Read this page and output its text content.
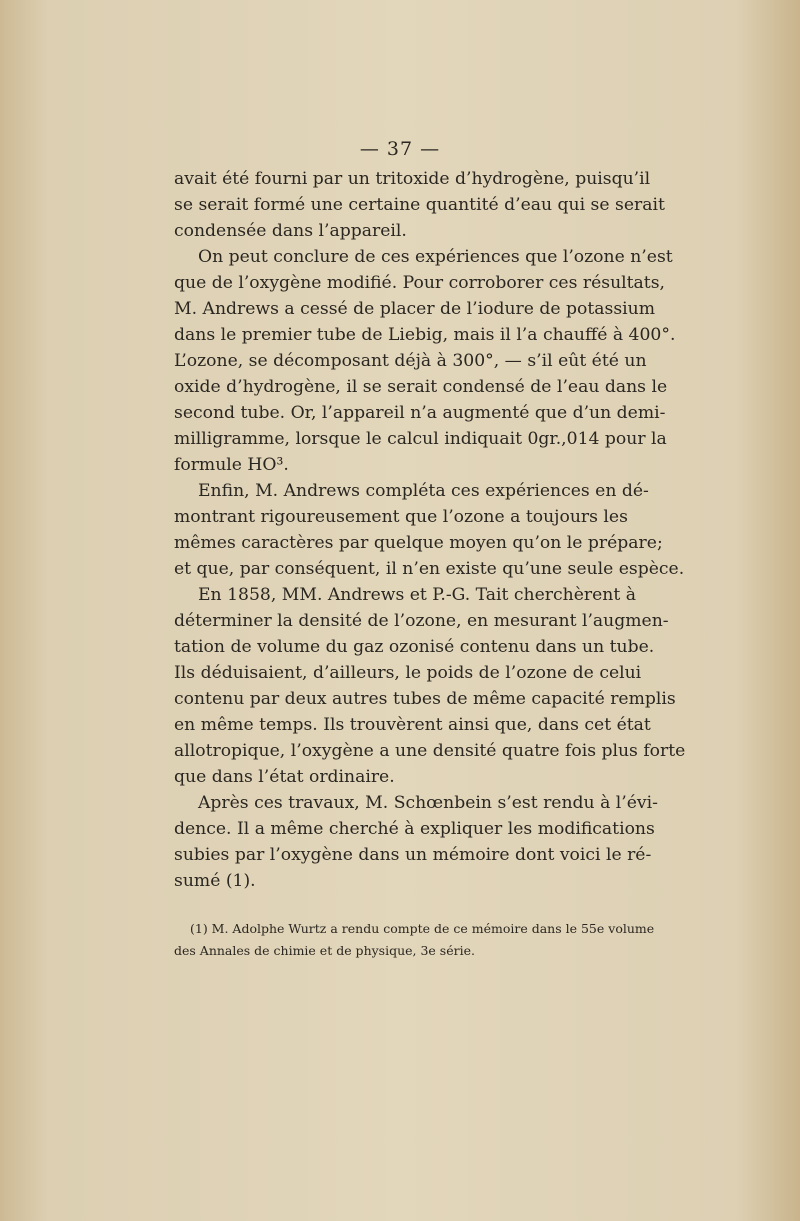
— 37 —
avait été fourni par un tritoxide d’hydrogène, puisqu’il
se serait formé une certaine quantité d’eau qui se serait
condensée dans l’appareil.
On peut conclure de ces expériences que l’ozone n’est
que de l’oxygène modifié. Pour corroborer ces résultats,
M. Andrews a cessé de placer de l’iodure de potassium
dans le premier tube de Liebig, mais il l’a chauffé à 400°.
L’ozone, se décomposant déjà à 300°, — s’il eût été un
oxide d’hydrogène, il se serait condensé de l’eau dans le
second tube. Or, l’appareil n’a augmenté que d’un demi-
milligramme, lorsque le calcul indiquait 0gr.,014 pour la
formule HO³.
Enfin, M. Andrews compléta ces expériences en dé-
montrant rigoureusement que l’ozone a toujours les
mêmes caractères par quelque moyen qu’on le prépare;
et que, par conséquent, il n’en existe qu’une seule espèce.
En 1858, MM. Andrews et P.-G. Tait cherchèrent à
déterminer la densité de l’ozone, en mesurant l’augmen-
tation de volume du gaz ozonisé contenu dans un tube.
Ils déduisaient, d’ailleurs, le poids de l’ozone de celui
contenu par deux autres tubes de même capacité remplis
en même temps. Ils trouvèrent ainsi que, dans cet état
allotropique, l’oxygène a une densité quatre fois plus forte
que dans l’état ordinaire.
Après ces travaux, M. Schœnbein s’est rendu à l’évi-
dence. Il a même cherché à expliquer les modifications
subies par l’oxygène dans un mémoire dont voici le ré-
sumé (1).
(1) M. Adolphe Wurtz a rendu compte de ce mémoire dans le 55e volume
des Annales de chimie et de physique, 3e série.
